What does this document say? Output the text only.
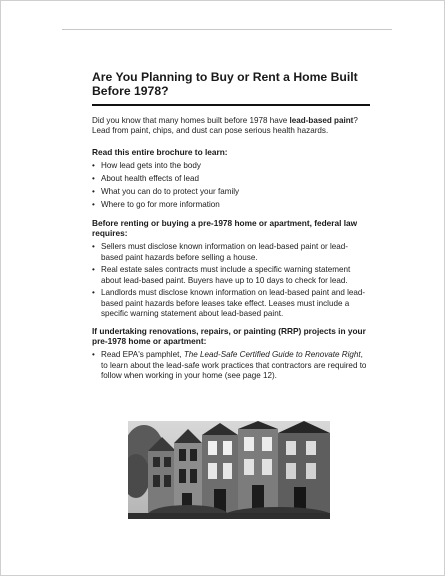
Are You Planning to Buy or Rent a Home Built Before 1978?

Did you know that many homes built before 1978 have lead-based paint? Lead from paint, chips, and dust can pose serious health hazards.

Read this entire brochure to learn:
• How lead gets into the body
• About health effects of lead
• What you can do to protect your family
• Where to go for more information
Before renting or buying a pre-1978 home or apartment, federal law requires:
• Sellers must disclose known information on lead-based paint or lead-based paint hazards before selling a house.
• Real estate sales contracts must include a specific warning statement about lead-based paint. Buyers have up to 10 days to check for lead.
• Landlords must disclose known information on lead-based paint and lead-based paint hazards before leases take effect. Leases must include a specific warning statement about lead-based paint.
If undertaking renovations, repairs, or painting (RRP) projects in your pre-1978 home or apartment:
• Read EPA's pamphlet, The Lead-Safe Certified Guide to Renovate Right, to learn about the lead-safe work practices that contractors are required to follow when working in your home (see page 12).
